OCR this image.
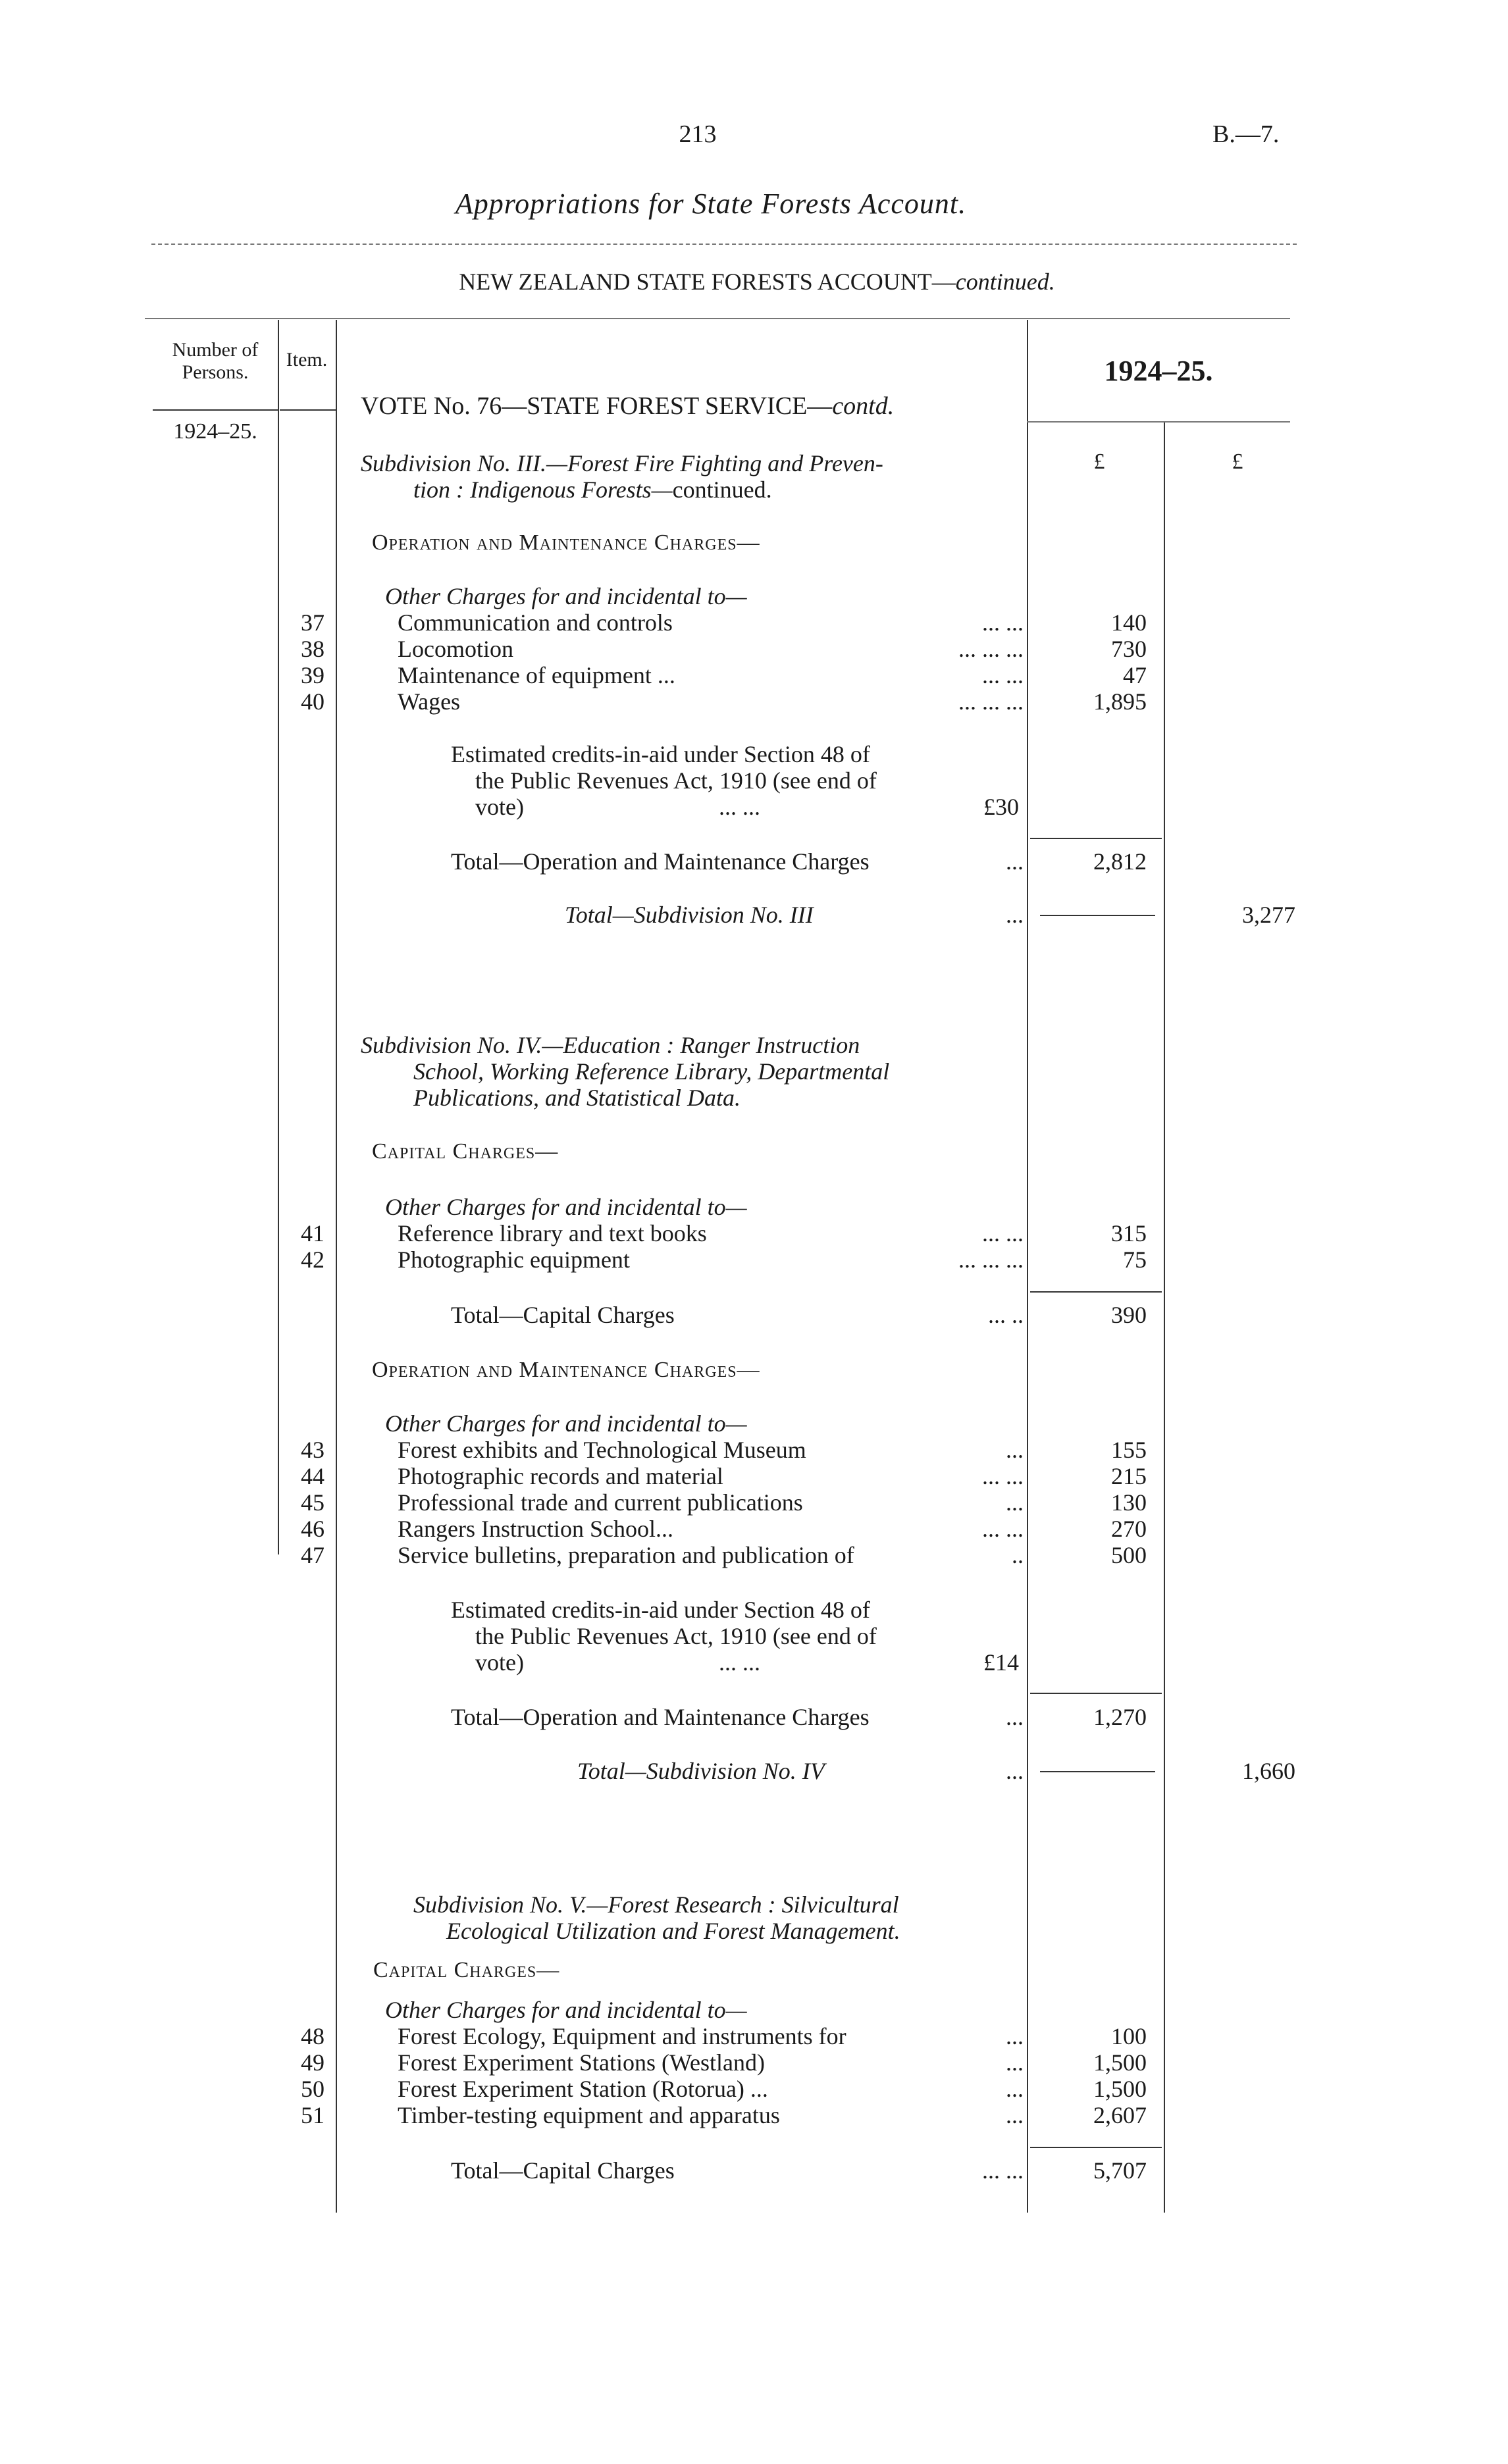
213	B.—7.
Appropriations for State Forests Account.
NEW ZEALAND STATE FORESTS ACCOUNT—continued.
Number of Persons.
1924–25.
Item.
VOTE No. 76—STATE FOREST SERVICE—contd.
1924–25.
£	£
Subdivision No. III.—Forest Fire Fighting and Preven-
tion : Indigenous Forests—continued.
Operation and Maintenance Charges—
Other Charges for and incidental to—
37	Communication and controls	... ...	140
38	Locomotion	... ... ...	730
39	Maintenance of equipment ...	... ...	47
40	Wages	... ... ...	1,895
Estimated credits-in-aid under Section 48 of
the Public Revenues Act, 1910 (see end of
vote)	... ...	£30
Total—Operation and Maintenance Charges	...	2,812
Total—Subdivision No. III	...	3,277
Subdivision No. IV.—Education : Ranger Instruction
School, Working Reference Library, Departmental
Publications, and Statistical Data.
Capital Charges—
Other Charges for and incidental to—
41	Reference library and text books	... ...	315
42	Photographic equipment	... ... ...	75
Total—Capital Charges	... ..	390
Operation and Maintenance Charges—
Other Charges for and incidental to—
43	Forest exhibits and Technological Museum	...	155
44	Photographic records and material	... ...	215
45	Professional trade and current publications	...	130
46	Rangers Instruction School...	... ...	270
47	Service bulletins, preparation and publication of	..	500
Estimated credits-in-aid under Section 48 of
the Public Revenues Act, 1910 (see end of
vote)	... ...	£14
Total—Operation and Maintenance Charges	...	1,270
Total—Subdivision No. IV	...	1,660
Subdivision No. V.—Forest Research : Silvicultural
Ecological Utilization and Forest Management.
Capital Charges—
Other Charges for and incidental to—
48	Forest Ecology, Equipment and instruments for	...	100
49	Forest Experiment Stations (Westland)	...	1,500
50	Forest Experiment Station (Rotorua) ...	...	1,500
51	Timber-testing equipment and apparatus	...	2,607
Total—Capital Charges	... ...	5,707
